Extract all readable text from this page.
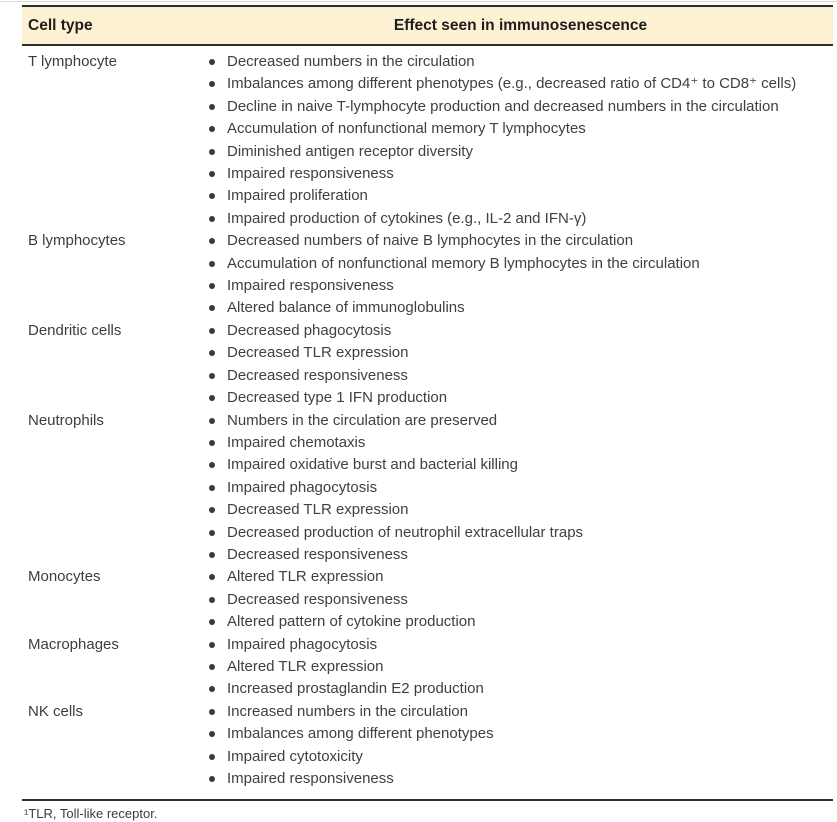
Cell type	Effect seen in immunosenescence
T lymphocyte	Decreased numbers in the circulation
Imbalances among different phenotypes (e.g., decreased ratio of CD4⁺ to CD8⁺ cells)
Decline in naive T-lymphocyte production and decreased numbers in the circulation
Accumulation of nonfunctional memory T lymphocytes
Diminished antigen receptor diversity
Impaired responsiveness
Impaired proliferation
Impaired production of cytokines (e.g., IL-2 and IFN-γ)
B lymphocytes	Decreased numbers of naive B lymphocytes in the circulation
Accumulation of nonfunctional memory B lymphocytes in the circulation
Impaired responsiveness
Altered balance of immunoglobulins
Dendritic cells	Decreased phagocytosis
Decreased TLR expression
Decreased responsiveness
Decreased type 1 IFN production
Neutrophils	Numbers in the circulation are preserved
Impaired chemotaxis
Impaired oxidative burst and bacterial killing
Impaired phagocytosis
Decreased TLR expression
Decreased production of neutrophil extracellular traps
Decreased responsiveness
Monocytes	Altered TLR expression
Decreased responsiveness
Altered pattern of cytokine production
Macrophages	Impaired phagocytosis
Altered TLR expression
Increased prostaglandin E2 production
NK cells	Increased numbers in the circulation
Imbalances among different phenotypes
Impaired cytotoxicity
Impaired responsiveness
¹TLR, Toll-like receptor.
